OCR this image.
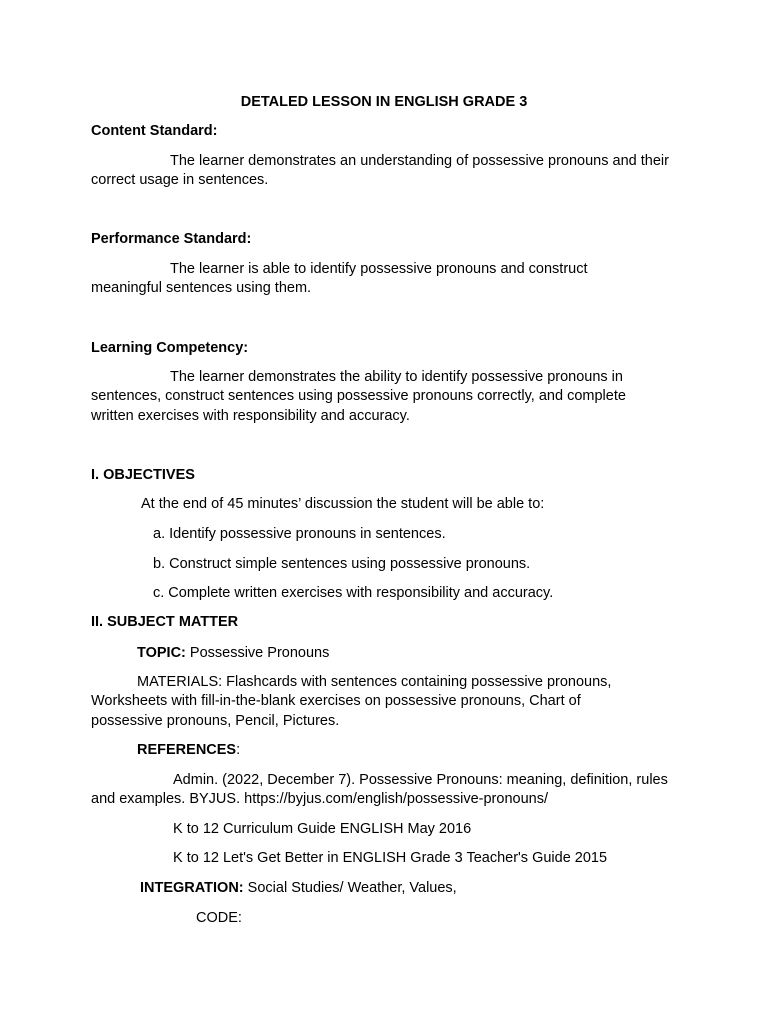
DETALED LESSON IN ENGLISH GRADE 3
Content Standard:
The learner demonstrates an understanding of possessive pronouns and their correct usage in sentences.
Performance Standard:
The learner is able to identify possessive pronouns and construct meaningful sentences using them.
Learning Competency:
The learner demonstrates the ability to identify possessive pronouns in sentences, construct sentences using possessive pronouns correctly, and complete written exercises with responsibility and accuracy.
I. OBJECTIVES
At the end of 45 minutes’ discussion the student will be able to:
a. Identify possessive pronouns in sentences.
b. Construct simple sentences using possessive pronouns.
c. Complete written exercises with responsibility and accuracy.
II. SUBJECT MATTER
TOPIC: Possessive Pronouns
MATERIALS: Flashcards with sentences containing possessive pronouns, Worksheets with fill-in-the-blank exercises on possessive pronouns, Chart of possessive pronouns, Pencil, Pictures.
REFERENCES:
Admin. (2022, December 7). Possessive Pronouns: meaning, definition, rules and examples. BYJUS. https://byjus.com/english/possessive-pronouns/
K to 12 Curriculum Guide ENGLISH May 2016
K to 12 Let's Get Better in ENGLISH Grade 3 Teacher's Guide 2015
INTEGRATION: Social Studies/ Weather, Values,
CODE:
